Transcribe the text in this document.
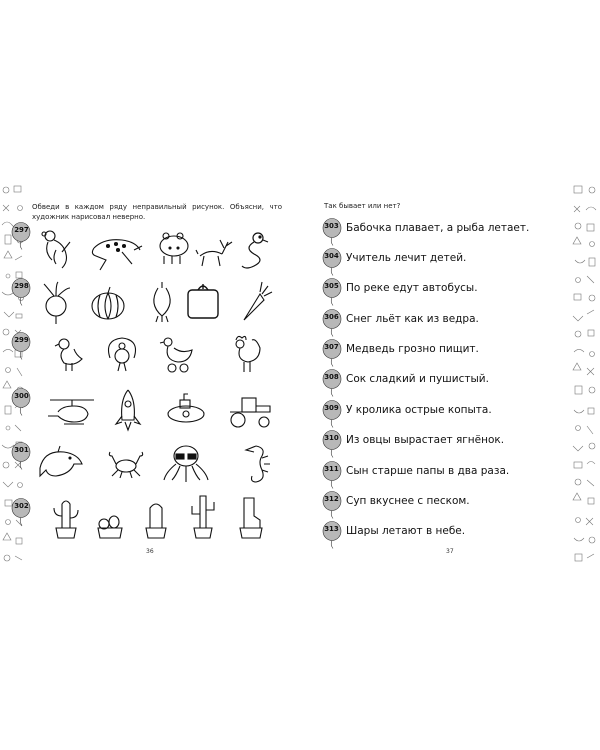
Обведи в каждом ряду неправильный рисунок. Объясни, что художник нарисовал неверно.
297
298
299
300
301
302
36
Так бывает или нет?
303 Бабочка плавает, а рыба летает.
304 Учитель лечит детей.
305 По реке едут автобусы.
306 Снег льёт как из ведра.
307 Медведь грозно пищит.
308 Сок сладкий и пушистый.
309 У кролика острые копыта.
310 Из овцы вырастает ягнёнок.
311 Сын старше папы в два раза.
312 Суп вкуснее с песком.
313 Шары летают в небе.
37
